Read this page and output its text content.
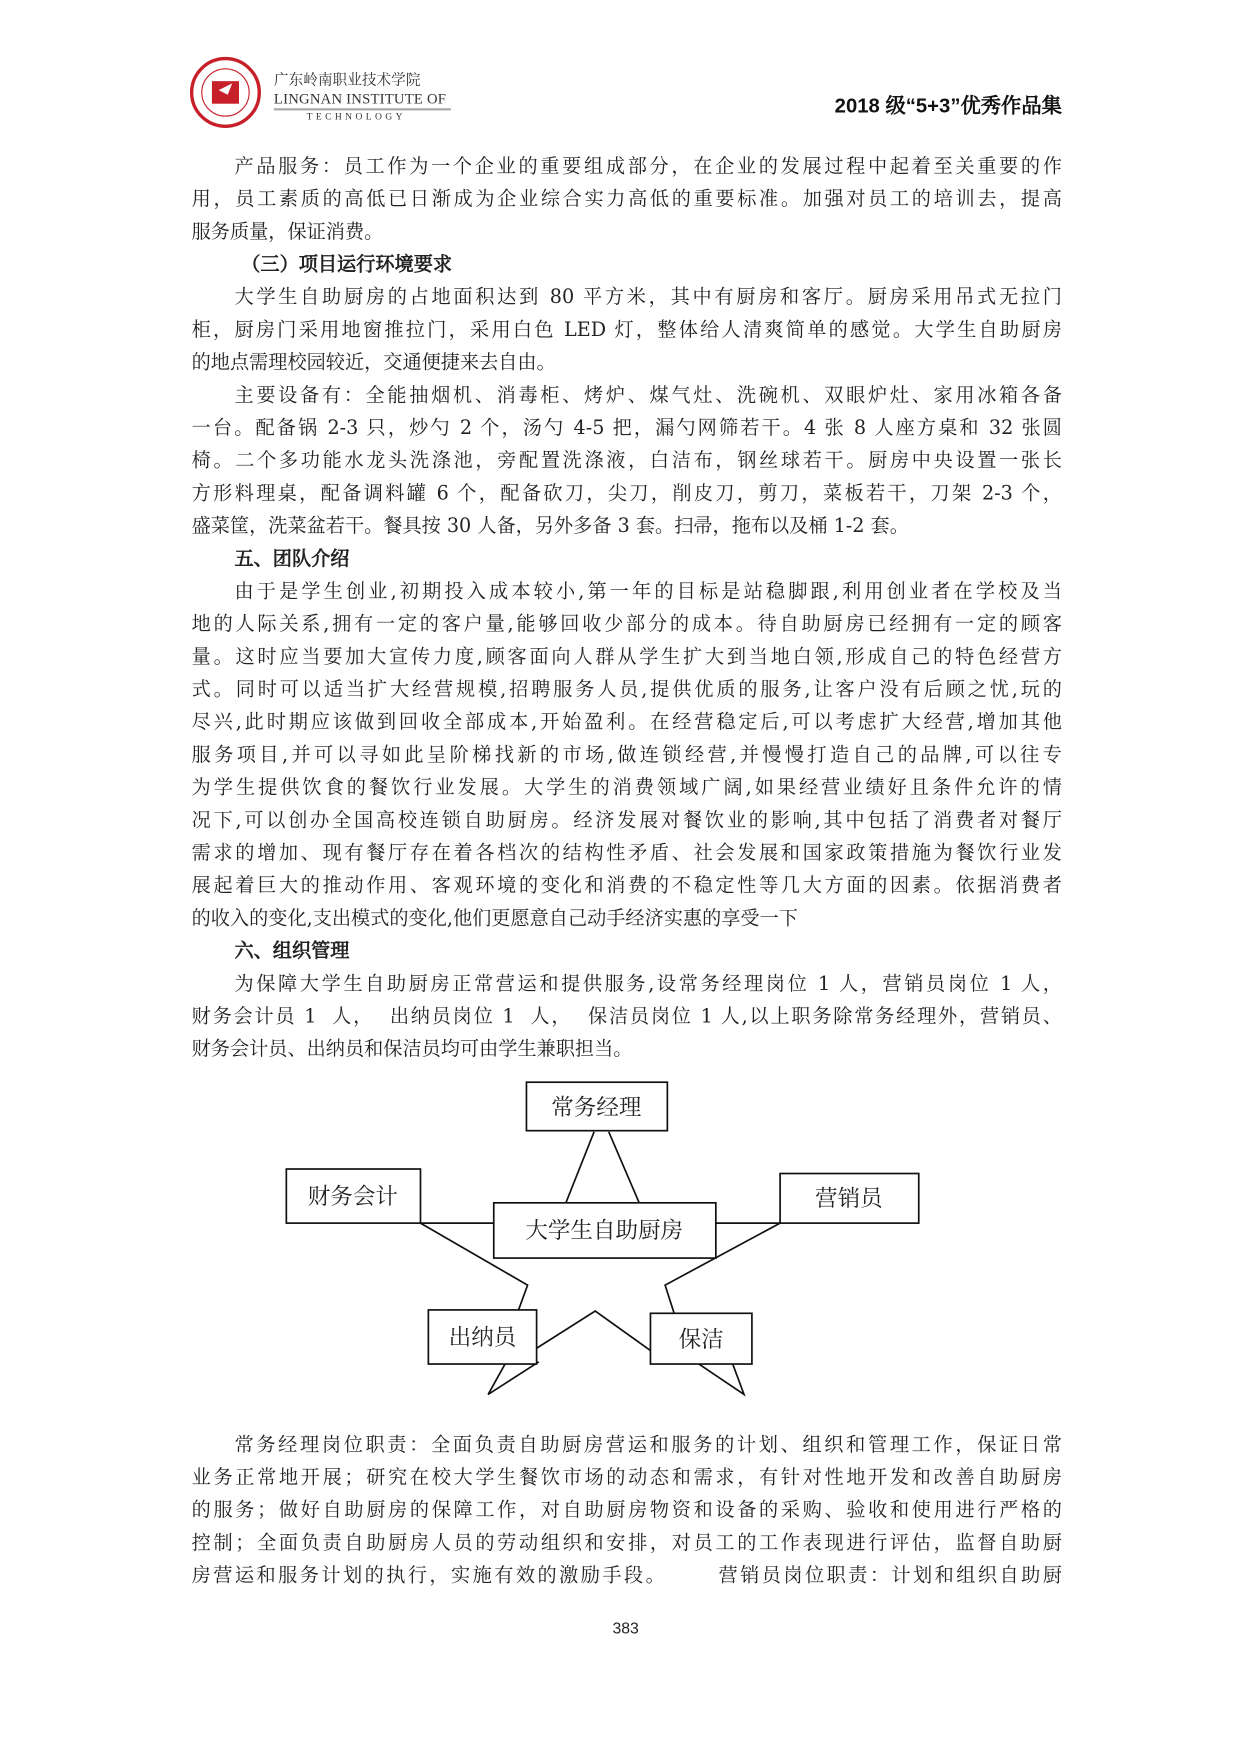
广东岭南职业技术学院
LINGNAN INSTITUTE OF
TECHNOLOGY	2018 级“5+3”优秀作品集
产品服务：员工作为一个企业的重要组成部分，在企业的发展过程中起着至关重要的作
用，员工素质的高低已日渐成为企业综合实力高低的重要标准。加强对员工的培训去，提高
服务质量，保证消费。
（三）项目运行环境要求
大学生自助厨房的占地面积达到 80 平方米，其中有厨房和客厅。厨房采用吊式无拉门
柜，厨房门采用地窗推拉门，采用白色 LED 灯，整体给人清爽简单的感觉。大学生自助厨房
的地点需理校园较近，交通便捷来去自由。
主要设备有：全能抽烟机、消毒柜、烤炉、煤气灶、洗碗机、双眼炉灶、家用冰箱各备
一台。配备锅 2-3 只，炒勺 2 个，汤勺 4-5 把，漏勺网筛若干。4 张 8 人座方桌和 32 张圆
椅。二个多功能水龙头洗涤池，旁配置洗涤液，白洁布，钢丝球若干。厨房中央设置一张长
方形料理桌，配备调料罐 6 个，配备砍刀，尖刀，削皮刀，剪刀，菜板若干，刀架 2-3 个，
盛菜筐，洗菜盆若干。餐具按 30 人备，另外多备 3 套。扫帚，拖布以及桶 1-2 套。
五、团队介绍
由于是学生创业,初期投入成本较小,第一年的目标是站稳脚跟,利用创业者在学校及当
地的人际关系,拥有一定的客户量,能够回收少部分的成本。待自助厨房已经拥有一定的顾客
量。这时应当要加大宣传力度,顾客面向人群从学生扩大到当地白领,形成自己的特色经营方
式。同时可以适当扩大经营规模,招聘服务人员,提供优质的服务,让客户没有后顾之忧,玩的
尽兴,此时期应该做到回收全部成本,开始盈利。在经营稳定后,可以考虑扩大经营,增加其他
服务项目,并可以寻如此呈阶梯找新的市场,做连锁经营,并慢慢打造自己的品牌,可以往专
为学生提供饮食的餐饮行业发展。大学生的消费领域广阔,如果经营业绩好且条件允许的情
况下,可以创办全国高校连锁自助厨房。经济发展对餐饮业的影响,其中包括了消费者对餐厅
需求的增加、现有餐厅存在着各档次的结构性矛盾、社会发展和国家政策措施为餐饮行业发
展起着巨大的推动作用、客观环境的变化和消费的不稳定性等几大方面的因素。依据消费者
的收入的变化,支出模式的变化,他们更愿意自己动手经济实惠的享受一下
六、组织管理
为保障大学生自助厨房正常营运和提供服务,设常务经理岗位 1 人，营销员岗位 1 人，
财务会计员 1  人，  出纳员岗位 1  人，  保洁员岗位 1 人,以上职务除常务经理外，营销员、
财务会计员、出纳员和保洁员均可由学生兼职担当。
常务经理
财务会计	营销员
大学生自助厨房
出纳员	保洁
常务经理岗位职责：全面负责自助厨房营运和服务的计划、组织和管理工作，保证日常
业务正常地开展；研究在校大学生餐饮市场的动态和需求，有针对性地开发和改善自助厨房
的服务；做好自助厨房的保障工作，对自助厨房物资和设备的采购、验收和使用进行严格的
控制；全面负责自助厨房人员的劳动组织和安排，对员工的工作表现进行评估，监督自助厨
房营运和服务计划的执行，实施有效的激励手段。      营销员岗位职责：计划和组织自助厨
383
